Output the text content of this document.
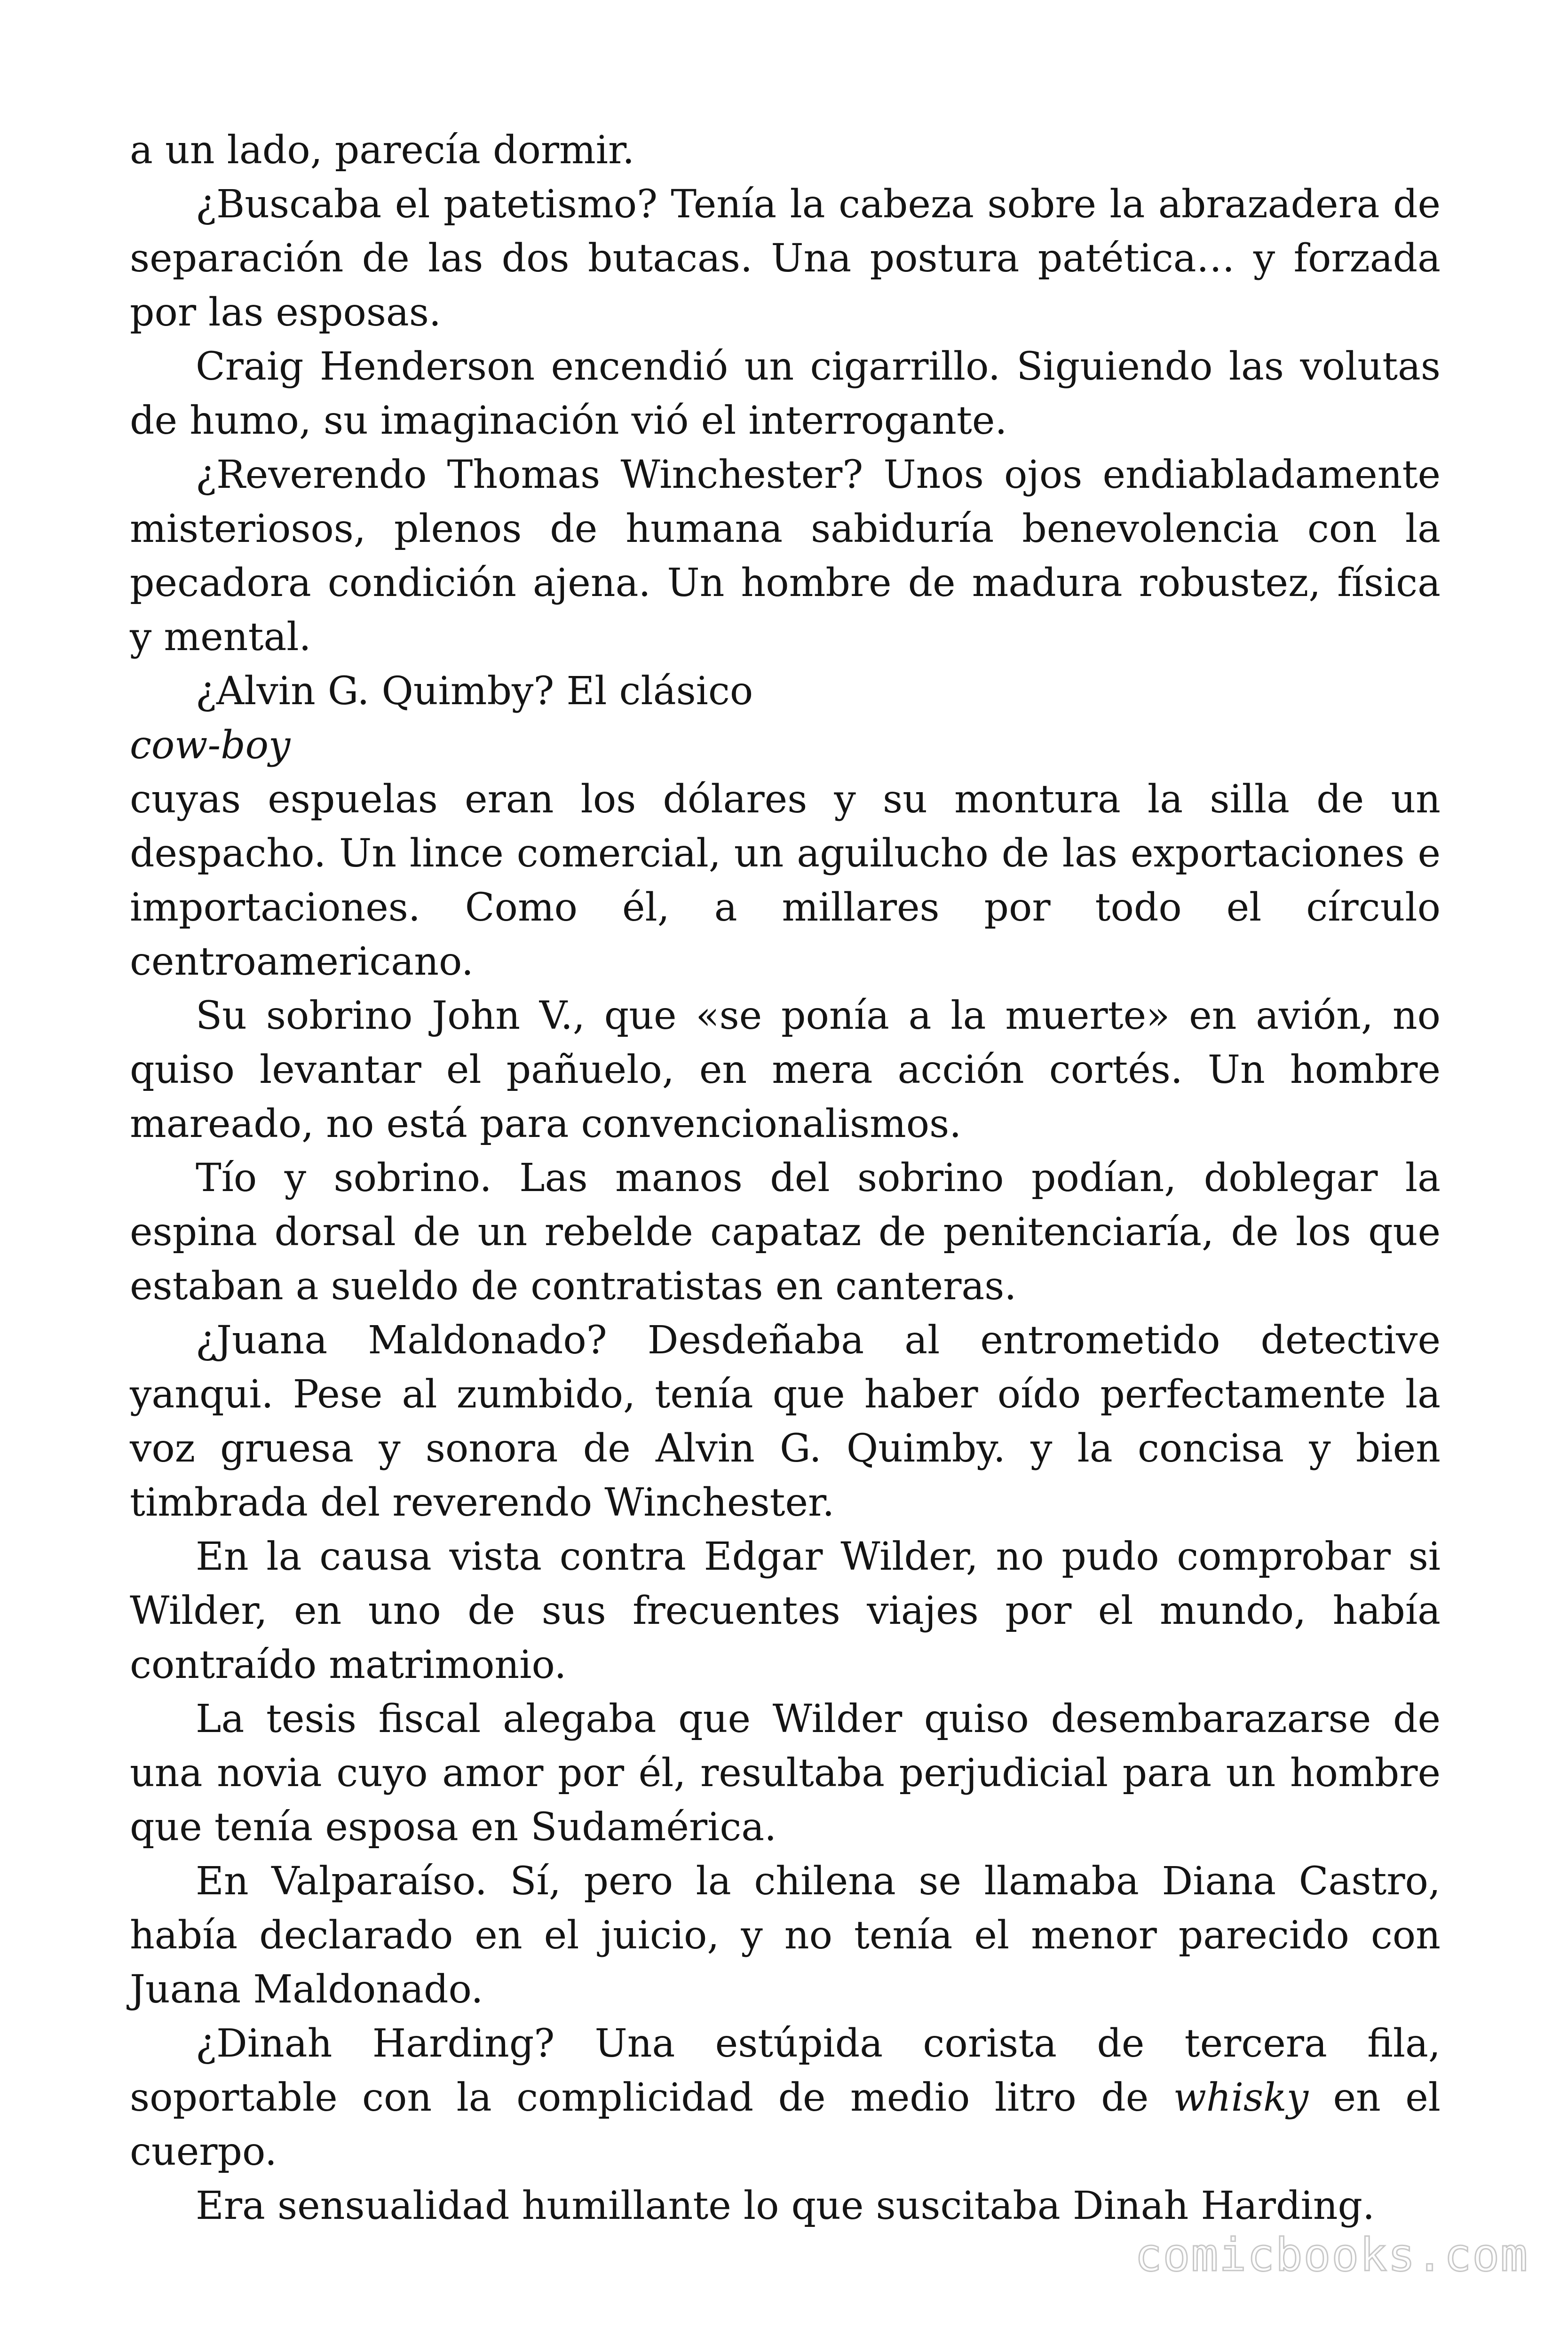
a un lado, parecía dormir.

¿Buscaba el patetismo? Tenía la cabeza sobre la abrazadera de separación de las dos butacas. Una postura patética… y forzada por las esposas.

Craig Henderson encendió un cigarrillo. Siguiendo las volutas de humo, su imaginación vió el interrogante.

¿Reverendo Thomas Winchester? Unos ojos endiabladamente misteriosos, plenos de humana sabiduría benevolencia con la pecadora condición ajena. Un hombre de madura robustez, física y mental.

¿Alvin G. Quimby? El clásico

cow-boy

cuyas espuelas eran los dólares y su montura la silla de un despacho. Un lince comercial, un aguilucho de las exportaciones e importaciones. Como él, a millares por todo el círculo centroamericano.

Su sobrino John V., que «se ponía a la muerte» en avión, no quiso levantar el pañuelo, en mera acción cortés. Un hombre mareado, no está para convencionalismos.

Tío y sobrino. Las manos del sobrino podían, doblegar la espina dorsal de un rebelde capataz de penitenciaría, de los que estaban a sueldo de contratistas en canteras.

¿Juana Maldonado? Desdeñaba al entrometido detective yanqui. Pese al zumbido, tenía que haber oído perfectamente la voz gruesa y sonora de Alvin G. Quimby. y la concisa y bien timbrada del reverendo Winchester.

En la causa vista contra Edgar Wilder, no pudo comprobar si Wilder, en uno de sus frecuentes viajes por el mundo, había contraído matrimonio.

La tesis fiscal alegaba que Wilder quiso desembarazarse de una novia cuyo amor por él, resultaba perjudicial para un hombre que tenía esposa en Sudamérica.

En Valparaíso. Sí, pero la chilena se llamaba Diana Castro, había declarado en el juicio, y no tenía el menor parecido con Juana Maldonado.

¿Dinah Harding? Una estúpida corista de tercera fila, soportable con la complicidad de medio litro de whisky en el cuerpo.

Era sensualidad humillante lo que suscitaba Dinah Harding.

comicbooks.com
